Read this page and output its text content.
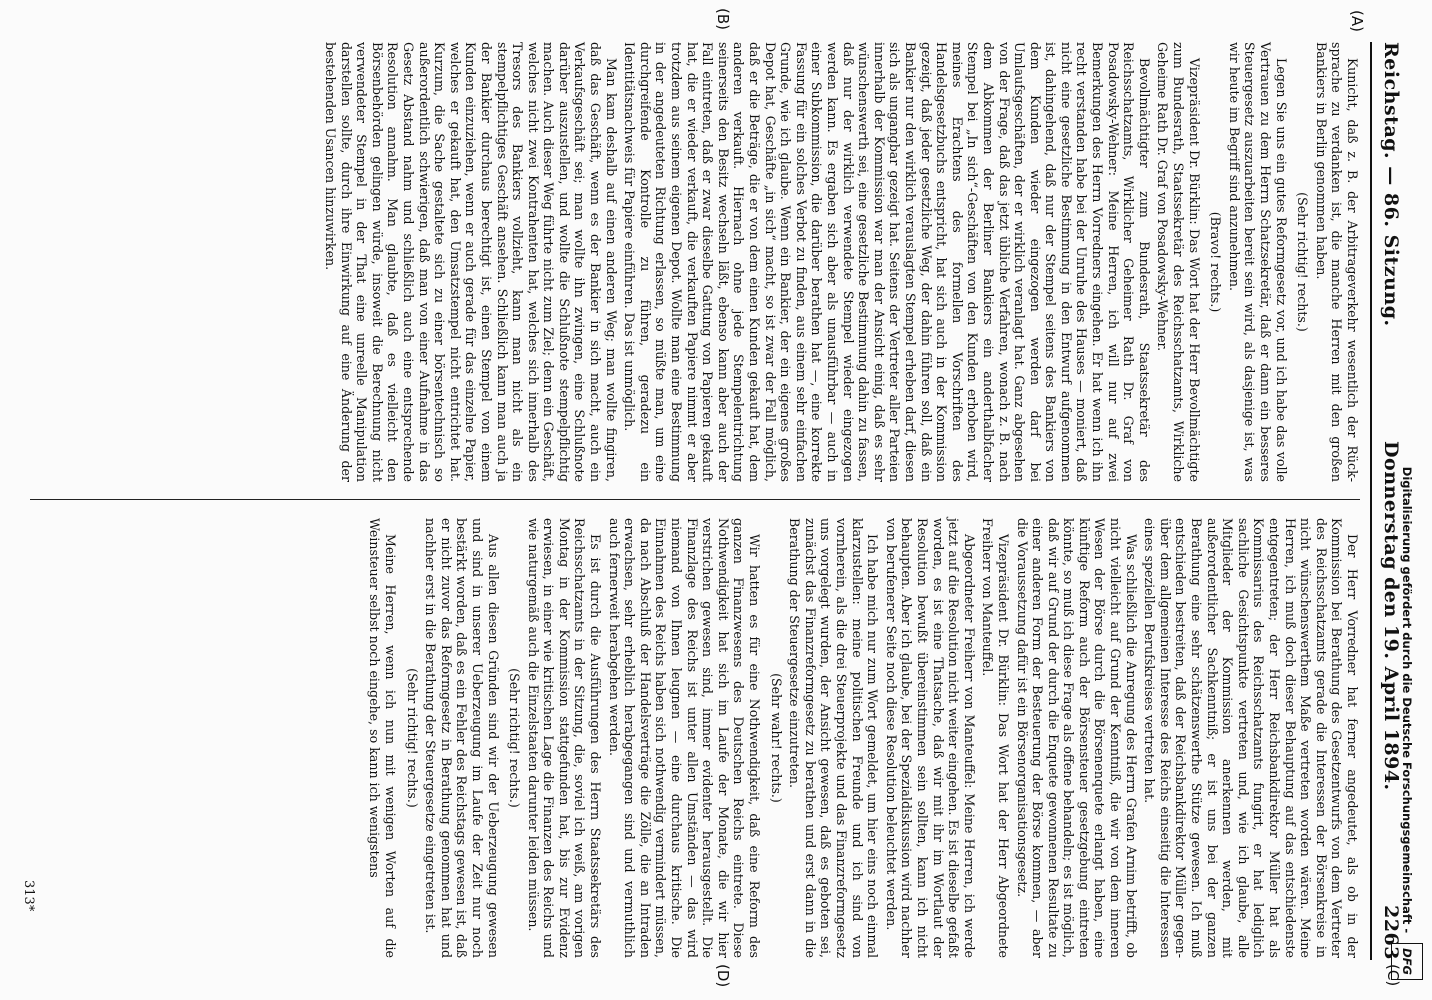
Reichstag. — 86. Sitzung.
Donnerstag den 19. April 1894.
2263
(A)
(B)
(C)
(D)

Kunicht, daß z. B. der Arbitrageverkehr wesentlich der Rücksprache zu verdanken ist, die manche Herren mit den großen Bankiers in Berlin genommen haben.

(Sehr richtig! rechts.)

Legen Sie uns ein gutes Reformgesetz vor, und ich habe das volle Vertrauen zu dem Herrn Schatzsekretär, daß er dann ein besseres Steuergesetz auszuarbeiten bereit sein wird, als dasjenige ist, was wir heute im Begriff sind anzunehmen.

(Bravo! rechts.)

Vizepräsident Dr. Bürklin: Das Wort hat der Herr Bevollmächtigte zum Bundesrath, Staatssekretär des Reichsschatzamts, Wirkliche Geheime Rath Dr. Graf von Posadowsky-Wehner.

Bevollmächtigter zum Bundesrath, Staatssekretär des Reichsschatzamts, Wirklicher Geheimer Rath Dr. Graf von Posadowsky-Wehner: Meine Herren, ich will nur auf zwei Bemerkungen des Herrn Vorredners eingehen. Er hat wenn ich ihn recht verstanden habe bei der Unruhe des Hauses — moniert, daß nicht eine gesetzliche Bestimmung in den Entwurf aufgenommen ist, dahingehend, daß nur der Stempel seitens des Bankiers von dem Kunden wieder eingezogen werden darf bei Umlaufsgeschäften, der er wirklich veranlagt hat. Ganz abgesehen von der Frage, daß das jetzt übliche Verfahren, wonach z. B. nach dem Abkommen der Berliner Bankiers ein anderthalbfacher Stempel bei „In sich“-Geschäften von den Kunden erhoben wird, meines Erachtens des formellen Vorschriften des Handelsgesetzbuchs entspricht, hat sich auch in der Kommission gezeigt, daß jeder gesetzliche Weg, der dahin führen soll, daß ein Bankier nur den wirklich verauslagten Stempel erheben darf, diesen sich als ungangbar gezeigt hat. Seitens der Vertreter aller Parteien innerhalb der Kommission war man der Ansicht einig, daß es sehr wünschenswerth sei, eine gesetzliche Bestimmung dahin zu fassen, daß nur der wirklich verwendete Stempel wieder eingezogen werden kann. Es ergaben sich aber als unausführbar — auch in einer Subkommission, die darüber berathen hat —, eine korrekte Fassung für ein solches Verbot zu finden, aus einem sehr einfachen Grunde, wie ich glaube. Wenn ein Bankier, der ein eigenes großes Depot hat, Geschäfte „in sich“ macht, so ist zwar der Fall möglich, daß er die Beträge, die er von dem einen Kunden gekauft hat, dem anderen verkauft. Hiernach ohne jede Stempelentrichtung seinerseits den Besitz wechseln läßt, ebenso kann aber auch der Fall eintreten, daß er zwar dieselbe Gattung von Papieren gekauft hat, die er wieder verkauft, die verkauften Papiere nimmt er aber trotzdem aus seinem eigenen Depot. Wollte man eine Bestimmung in der angedeuteten Richtung erlassen, so müßte man, um eine durchgreifende Kontrolle zu führen, geradezu ein Identitätsnachweis für Papiere einführen. Das ist unmöglich.

Man kam deshalb auf einen anderen Weg; man wollte fingiren, daß das Geschäft, wenn es der Bankier in sich macht, auch ein Verkaufsgeschäft sei; man wollte ihn zwingen, eine Schlußnote darüber auszustellen, und wollte die Schlußnote stempelpflichtig machen. Auch dieser Weg führte nicht zum Ziel; denn ein Geschäft, welches nicht zwei Kontrahenten hat, welches sich innerhalb des Tresors des Bankiers vollzieht, kann man nicht als ein stempelpflichtiges Geschäft ansehen. Schließlich kann man auch ja der Bankier durchaus berechtigt ist, einen Stempel von einem Kunden einzuziehen, wenn er auch gerade für das einzelne Papier, welches er gekauft hat, den Umsatzstempel nicht entrichtet hat. Kurzum, die Sache gestaltete sich zu einer börsentechnisch so außerordentlich schwierigen, daß man von einer Aufnahme in das Gesetz Abstand nahm und schließlich auch eine entsprechende Resolution annahm. Man glaubte, daß es vielleicht den Börsenbehörden gelingen würde, insoweit die Berechnung nicht verwendeter Stempel in der That eine unreelle Manipulation darstellen sollte, durch ihre Einwirkung auf eine Änderung der bestehenden Usancen hinzuwirken.

Der Herr Vorredner hat ferner angedeutet, als ob in der Kommission bei Berathung des Gesetzentwurfs von dem Vertreter des Reichsschatzamts gerade die Interessen der Börsenkreise in nicht wünschenswerthem Maße vertreten worden wären. Meine Herren, ich muß doch dieser Behauptung auf das entschiedenste entgegentreten; der Herr Reichsbankdirektor Müller hat als Kommissarius des Reichsschatzamts fungirt, er hat lediglich sachliche Gesichtspunkte vertreten und, wie ich glaube, alle Mitglieder der Kommission anerkennen werden, mit außerordentlicher Sachkenntniß; er ist uns bei der ganzen Berathung eine sehr schätzenswerthe Stütze gewesen. Ich muß entschieden bestreiten, daß der Reichsbankdirektor Müller gegenüber dem allgemeinen Interesse des Reichs einseitig die Interessen eines speziellen Berufskreises vertreten hat.

Was schließlich die Anregung des Herrn Grafen Arnim betrifft, ob nicht vielleicht auf Grund der Kenntniß, die wir von dem inneren Wesen der Börse durch die Börsenenquete erlangt haben, eine künftige Reform auch der Börsensteuer gesetzgebung eintreten könnte, so muß ich diese Frage als offene behandeln; es ist möglich, daß wir auf Grund der durch die Enquete gewonnenen Resultate zu einer anderen Form der Besteuerung der Börse kommen, — aber die Voraussetzung dafür ist ein Börsenorganisationsgesetz.

Vizepräsident Dr. Bürklin: Das Wort hat der Herr Abgeordnete Freiherr von Manteuffel.

Abgeordneter Freiherr von Manteuffel: Meine Herren, ich werde jetzt auf die Resolution nicht weiter eingehen. Es ist dieselbe gefaßt worden, es ist eine Thatsache, daß wir mit ihr im Wortlaut der Resolution bewußt übereinstimmen sein sollten, kann ich nicht behaupten. Aber ich glaube, bei der Spezialdiskussion wird nachher von berufenerer Seite noch diese Resolution beleuchtet werden.

Ich habe mich nur zum Wort gemeldet, um hier eins noch einmal klarzustellen: meine politischen Freunde und ich sind von vornherein, als die drei Steuerprojekte und das Finanzreformgesetz uns vorgelegt wurden, der Ansicht gewesen, daß es geboten sei, zunächst das Finanzreformgesetz zu berathen und erst dann in die Berathung der Steuergesetze einzutreten.

(Sehr wahr! rechts.)

Wir hatten es für eine Nothwendigkeit, daß eine Reform des ganzen Finanzwesens des Deutschen Reichs eintrete. Diese Nothwendigkeit hat sich im Laufe der Monate, die wir hier verstrichen gewesen sind, immer evidenter herausgestellt. Die Finanzlage des Reichs ist unter allen Umständen — das wird niemand von Ihnen leugnen — eine durchaus kritische. Die Einnahmen des Reichs haben sich nothwendig vermindert müssen, da nach Abschluß der Handelsverträge die Zölle, die an Intraden erwachsen, sehr erheblich herabgegangen sind und vermuthlich auch fernerweit herabgehen werden.

Es ist durch die Ausführungen des Herrn Staatssekretärs des Reichsschatzamts in der Sitzung, die, soviel ich weiß, am vorigen Montag in der Kommission stattgefunden hat, bis zur Evidenz erwiesen, in einer wie kritischen Lage die Finanzen des Reichs und wie naturgemäß auch die Einzelstaaten darunter leiden müssen.

(Sehr richtig! rechts.)

Aus allen diesen Gründen sind wir der Ueberzeugung gewesen und sind in unserer Ueberzeugung im Laufe der Zeit nur noch bestärkt worden, daß es ein Fehler des Reichstags gewesen ist, daß er nicht zuvor das Reformgesetz in Berathung genommen hat und nachher erst in die Berathung der Steuergesetze eingetreten ist.

(Sehr richtig! rechts.)

Meine Herren, wenn ich nun mit wenigen Worten auf die Weinsteuer selbst noch eingehe, so kann ich wenigstens

313*	Digitalisierung gefördert durch die Deutsche Forschungsgemeinschaft - DFG
